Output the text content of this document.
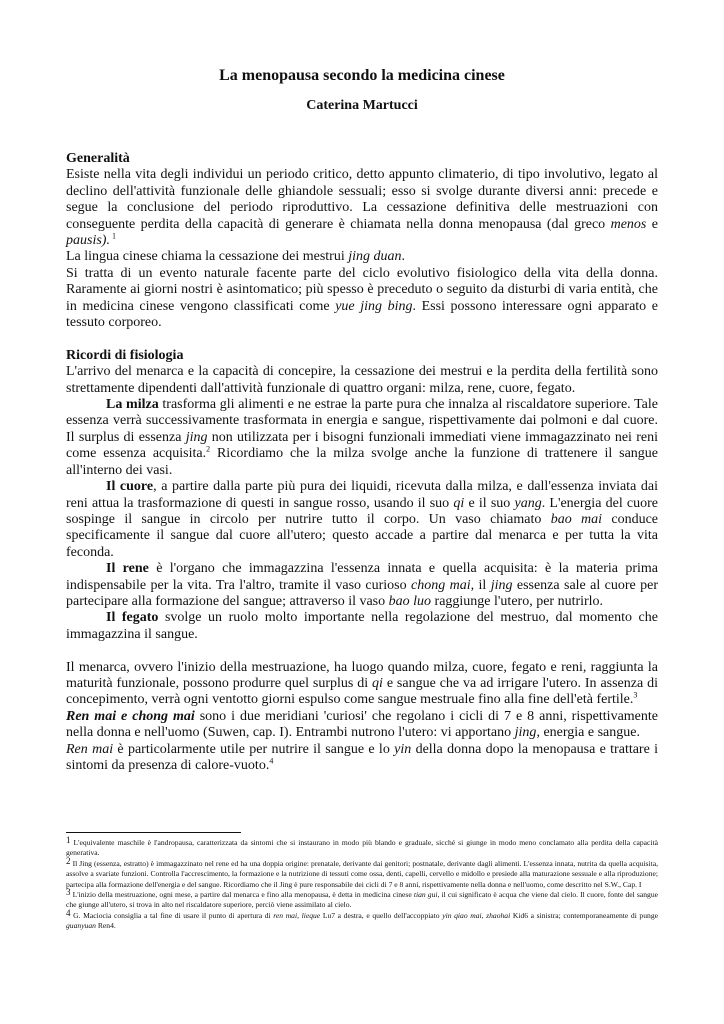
La menopausa secondo la medicina cinese
Caterina Martucci

Generalità

Esiste nella vita degli individui un periodo critico, detto appunto climaterio, di tipo involutivo, legato al declino dell'attività funzionale delle ghiandole sessuali; esso si svolge durante diversi anni: precede e segue la conclusione del periodo riproduttivo. La cessazione definitiva delle mestruazioni con conseguente perdita della capacità di generare è chiamata nella donna menopausa (dal greco menos e pausis). $^1$

La lingua cinese chiama la cessazione dei mestrui jing duan.

Si tratta di un evento naturale facente parte del ciclo evolutivo fisiologico della vita della donna. Raramente ai giorni nostri è asintomatico; più spesso è preceduto o seguito da disturbi di varia entità, che in medicina cinese vengono classificati come yue jing bing. Essi possono interessare ogni apparato e tessuto corporeo.

Ricordi di fisiologia

L'arrivo del menarca e la capacità di concepire, la cessazione dei mestrui e la perdita della fertilità sono strettamente dipendenti dall'attività funzionale di quattro organi: milza, rene, cuore, fegato.

La milza trasforma gli alimenti e ne estrae la parte pura che innalza al riscaldatore superiore. Tale essenza verrà successivamente trasformata in energia e sangue, rispettivamente dai polmoni e dal cuore. Il surplus di essenza jing non utilizzata per i bisogni funzionali immediati viene immagazzinato nei reni come essenza acquisita.$^2$ Ricordiamo che la milza svolge anche la funzione di trattenere il sangue all'interno dei vasi.

Il cuore, a partire dalla parte più pura dei liquidi, ricevuta dalla milza, e dall'essenza inviata dai reni attua la trasformazione di questi in sangue rosso, usando il suo qi e il suo yang. L'energia del cuore sospinge il sangue in circolo per nutrire tutto il corpo. Un vaso chiamato bao mai conduce specificamente il sangue dal cuore all'utero; questo accade a partire dal menarca e per tutta la vita feconda.

Il rene è l'organo che immagazzina l'essenza innata e quella acquisita: è la materia prima indispensabile per la vita. Tra l'altro, tramite il vaso curioso chong mai, il jing essenza sale al cuore per partecipare alla formazione del sangue; attraverso il vaso bao luo raggiunge l'utero, per nutrirlo.

Il fegato svolge un ruolo molto importante nella regolazione del mestruo, dal momento che immagazzina il sangue.

Il menarca, ovvero l'inizio della mestruazione, ha luogo quando milza, cuore, fegato e reni, raggiunta la maturità funzionale, possono produrre quel surplus di qi e sangue che va ad irrigare l'utero. In assenza di concepimento, verrà ogni ventotto giorni espulso come sangue mestruale fino alla fine dell'età fertile.$^3$

Ren mai e chong mai sono i due meridiani 'curiosi' che regolano i cicli di 7 e 8 anni, rispettivamente nella donna e nell'uomo (Suwen, cap. I). Entrambi nutrono l'utero: vi apportano jing, energia e sangue.

Ren mai è particolarmente utile per nutrire il sangue e lo yin della donna dopo la menopausa e trattare i sintomi da presenza di calore-vuoto.$^4$

$^1$ L'equivalente maschile è l'andropausa, caratterizzata da sintomi che si instaurano in modo più blando e graduale, sicché si giunge in modo meno conclamato alla perdita della capacità generativa.

$^2$ Il Jing (essenza, estratto) è immagazzinato nel rene ed ha una doppia origine: prenatale, derivante dai genitori; postnatale, derivante dagli alimenti. L'essenza innata, nutrita da quella acquisita, assolve a svariate funzioni. Controlla l'accrescimento, la formazione e la nutrizione di tessuti come ossa, denti, capelli, cervello e midollo e presiede alla maturazione sessuale e alla riproduzione; partecipa alla formazione dell'energia e del sangue. Ricordiamo che il Jing è pure responsabile dei cicli di 7 e 8 anni, rispettivamente nella donna e nell'uomo, come descritto nel S.W., Cap. I

$^3$ L'inizio della mestruazione, ogni mese, a partire dal menarca e fino alla menopausa, è detta in medicina cinese tian gui, il cui significato è acqua che viene dal cielo. Il cuore, fonte del sangue che giunge all'utero, si trova in alto nel riscaldatore superiore, perciò viene assimilato al cielo.

$^4$ G. Maciocia consiglia a tal fine di usare il punto di apertura di ren mai, lieque Lu7 a destra, e quello dell'accoppiato yin qiao mai, zhaohai Kid6 a sinistra; contemporaneamente di punge guanyuan Ren4.
